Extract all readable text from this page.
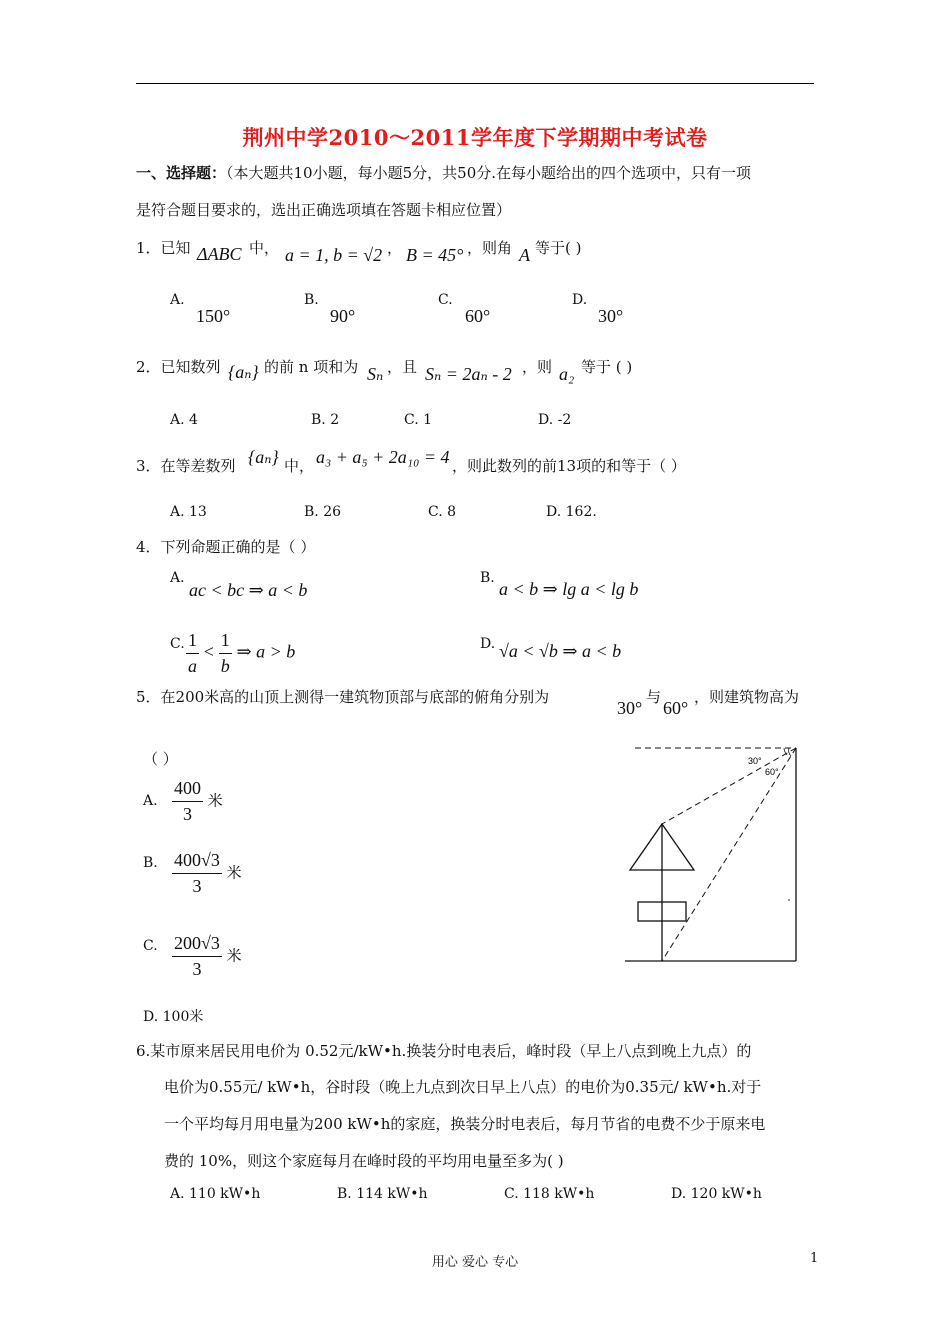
荆州中学2010～2011学年度下学期期中考试卷
一、选择题：（本大题共10小题，每小题5分，共50分.在每小题给出的四个选项中，只有一项
是符合题目要求的，选出正确选项填在答题卡相应位置）
1．已知 ΔABC 中， a = 1, b = √2 ， B = 45° ，则角 A 等于( )
A.
150°
B.
90°
C.
60°
D.
30°
2．已知数列 {aₙ} 的前 n 项和为 Sₙ ，且 Sₙ = 2aₙ - 2 ，则 a₂ 等于 ( )
A. 4	B. 2	C. 1	D. -2
3．在等差数列 {aₙ} 中， a₃ + a₅ + 2a₁₀ = 4 ，则此数列的前13项的和等于（ ）
A. 13	B. 26	C. 8	D. 162.
4．下列命题正确的是（ ）
A.
ac < bc ⇒ a < b
B.
a < b ⇒ lg a < lg b
C. $\frac{1}{a} < \frac{1}{b}$ ⇒ a > b	D. √a < √b ⇒ a < b
5．在200米高的山顶上测得一建筑物顶部与底部的俯角分别为
30°
与
60°
，则建筑物高为
（ ）
A. $\frac{400}{3}$ 米
B. $\frac{400√3}{3}$ 米
C. $\frac{200√3}{3}$ 米
D. 100米
30°
60°
6.某市原来居民用电价为 0.52元/kW•h.换装分时电表后，峰时段（早上八点到晚上九点）的
电价为0.55元/ kW•h，谷时段（晚上九点到次日早上八点）的电价为0.35元/ kW•h.对于
一个平均每月用电量为200 kW•h的家庭，换装分时电表后，每月节省的电费不少于原来电
费的 10%，则这个家庭每月在峰时段的平均用电量至多为( )
A. 110 kW•h	B. 114 kW•h	C. 118 kW•h	D. 120 kW•h
用心 爱心 专心	1
